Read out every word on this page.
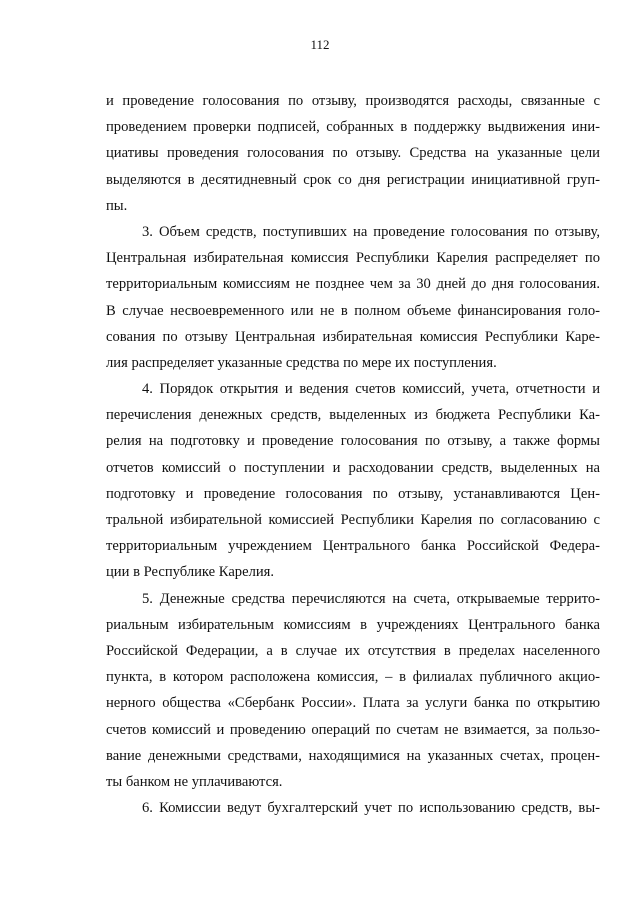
112
и проведение голосования по отзыву, производятся расходы, связанные с
проведением проверки подписей, собранных в поддержку выдвижения ини-
циативы проведения голосования по отзыву. Средства на указанные цели
выделяются в десятидневный срок со дня регистрации инициативной груп-
пы.
3. Объем средств, поступивших на проведение голосования по отзыву,
Центральная избирательная комиссия Республики Карелия распределяет по
территориальным комиссиям не позднее чем за 30 дней до дня голосования.
В случае несвоевременного или не в полном объеме финансирования голо-
сования по отзыву Центральная избирательная комиссия Республики Каре-
лия распределяет указанные средства по мере их поступления.
4. Порядок открытия и ведения счетов комиссий, учета, отчетности и
перечисления денежных средств, выделенных из бюджета Республики Ка-
релия на подготовку и проведение голосования по отзыву, а также формы
отчетов комиссий о поступлении и расходовании средств, выделенных на
подготовку и проведение голосования по отзыву, устанавливаются Цен-
тральной избирательной комиссией Республики Карелия по согласованию с
территориальным учреждением Центрального банка Российской Федера-
ции в Республике Карелия.
5. Денежные средства перечисляются на счета, открываемые террито-
риальным избирательным комиссиям в учреждениях Центрального банка
Российской Федерации, а в случае их отсутствия в пределах населенного
пункта, в котором расположена комиссия, – в филиалах публичного акцио-
нерного общества «Сбербанк России». Плата за услуги банка по открытию
счетов комиссий и проведению операций по счетам не взимается, за пользо-
вание денежными средствами, находящимися на указанных счетах, процен-
ты банком не уплачиваются.
6. Комиссии ведут бухгалтерский учет по использованию средств, вы-
